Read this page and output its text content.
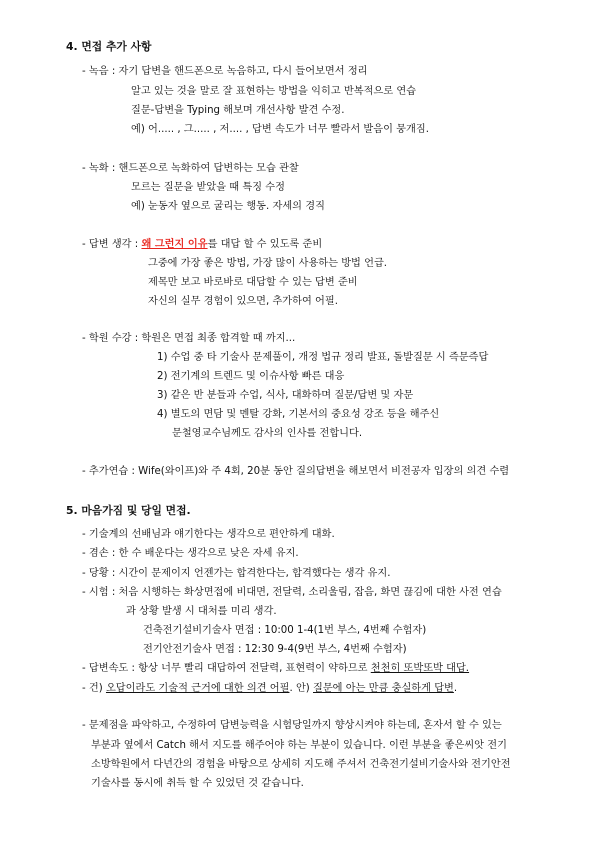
4. 면접 추가 사항
- 녹음 : 자기 답변을 핸드폰으로 녹음하고, 다시 들어보면서 정리
알고 있는 것을 말로 잘 표현하는 방법을 익히고 반복적으로 연습
질문-답변을 Typing 해보며 개선사항 발견 수정.
예) 어..... , 그..... , 저.... , 답변 속도가 너무 빨라서 발음이 뭉개짐.
- 녹화 : 핸드폰으로 녹화하여 답변하는 모습 관찰
모르는 질문을 받았을 때 특징 수정
예) 눈동자 옆으로 굴리는 행동. 자세의 경직
- 답변 생각 : 왜 그런지 이유를 대답 할 수 있도록 준비
그중에 가장 좋은 방법, 가장 많이 사용하는 방법 언급.
제목만 보고 바로바로 대답할 수 있는 답변 준비
자신의 실무 경험이 있으면, 추가하여 어필.
- 학원 수강 : 학원은 면접 최종 합격할 때 까지...
1) 수업 중 타 기술사 문제풀이, 개정 법규 정리 발표, 돌발질문 시 즉문즉답
2) 전기계의 트렌드 및 이슈사항 빠른 대응
3) 같은 반 분들과 수업, 식사, 대화하며 질문/답변 및 자문
4) 별도의 면담 및 멘탈 강화, 기본서의 중요성 강조 등을 해주신
문철영교수님께도 감사의 인사를 전합니다.
- 추가연습 : Wife(와이프)와 주 4회, 20분 동안 질의답변을 해보면서 비전공자 입장의 의견 수렴
5. 마음가짐 및 당일 면접.
- 기술계의 선배님과 얘기한다는 생각으로 편안하게 대화.
- 겸손 : 한 수 배운다는 생각으로 낮은 자세 유지.
- 당황 : 시간이 문제이지 언젠가는 합격한다는, 합격했다는 생각 유지.
- 시험 : 처음 시행하는 화상면접에 비대면, 전달력, 소리울림, 잡음, 화면 끊김에 대한 사전 연습
과 상황 발생 시 대처를 미리 생각.
건축전기설비기술사 면접 : 10:00 1-4(1번 부스, 4번째 수험자)
전기안전기술사 면접 : 12:30 9-4(9번 부스, 4번째 수험자)
- 답변속도 : 항상 너무 빨리 대답하여 전달력, 표현력이 약하므로 천천히 또박또박 대답.
- 건) 오답이라도 기술적 근거에 대한 의견 어필. 안) 질문에 아는 만큼 충실하게 답변.
- 문제점을 파악하고, 수정하여 답변능력을 시험당일까지 향상시켜야 하는데, 혼자서 할 수 있는
부분과 옆에서 Catch 해서 지도를 해주어야 하는 부분이 있습니다. 이런 부분을 좋은씨앗 전기
소방학원에서 다년간의 경험을 바탕으로 상세히 지도해 주셔서 건축전기설비기술사와 전기안전
기술사를 동시에 취득 할 수 있었던 것 같습니다.
